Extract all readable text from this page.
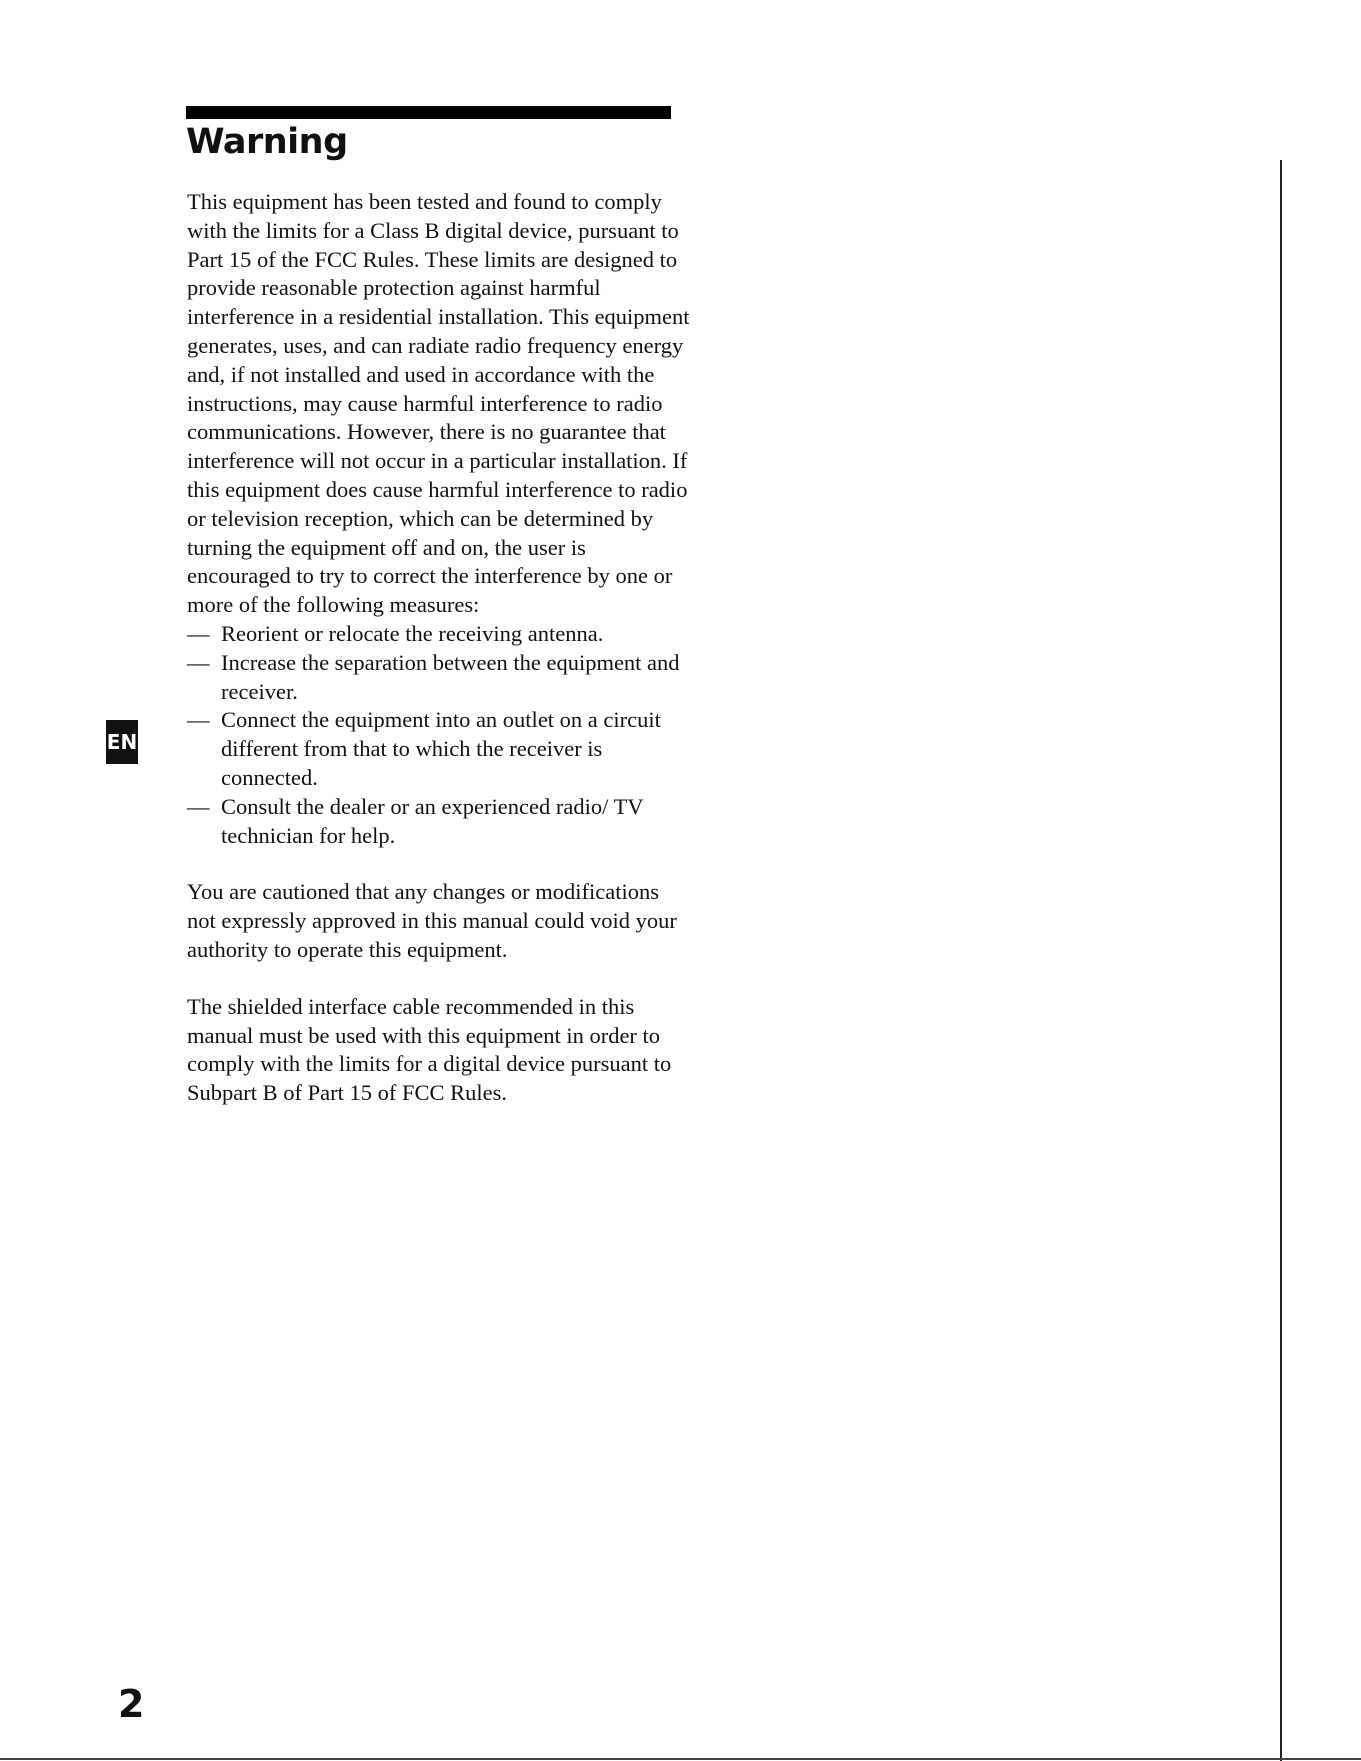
Warning

This equipment has been tested and found to comply with the limits for a Class B digital device, pursuant to Part 15 of the FCC Rules. These limits are designed to provide reasonable protection against harmful interference in a residential installation. This equipment generates, uses, and can radiate radio frequency energy and, if not installed and used in accordance with the instructions, may cause harmful interference to radio communications. However, there is no guarantee that interference will not occur in a particular installation. If this equipment does cause harmful interference to radio or television reception, which can be determined by turning the equipment off and on, the user is encouraged to try to correct the interference by one or more of the following measures:

— Reorient or relocate the receiving antenna.
— Increase the separation between the equipment and receiver.
— Connect the equipment into an outlet on a circuit different from that to which the receiver is connected.
— Consult the dealer or an experienced radio/ TV technician for help.

You are cautioned that any changes or modifications not expressly approved in this manual could void your authority to operate this equipment.

The shielded interface cable recommended in this manual must be used with this equipment in order to comply with the limits for a digital device pursuant to Subpart B of Part 15 of FCC Rules.

EN
2
